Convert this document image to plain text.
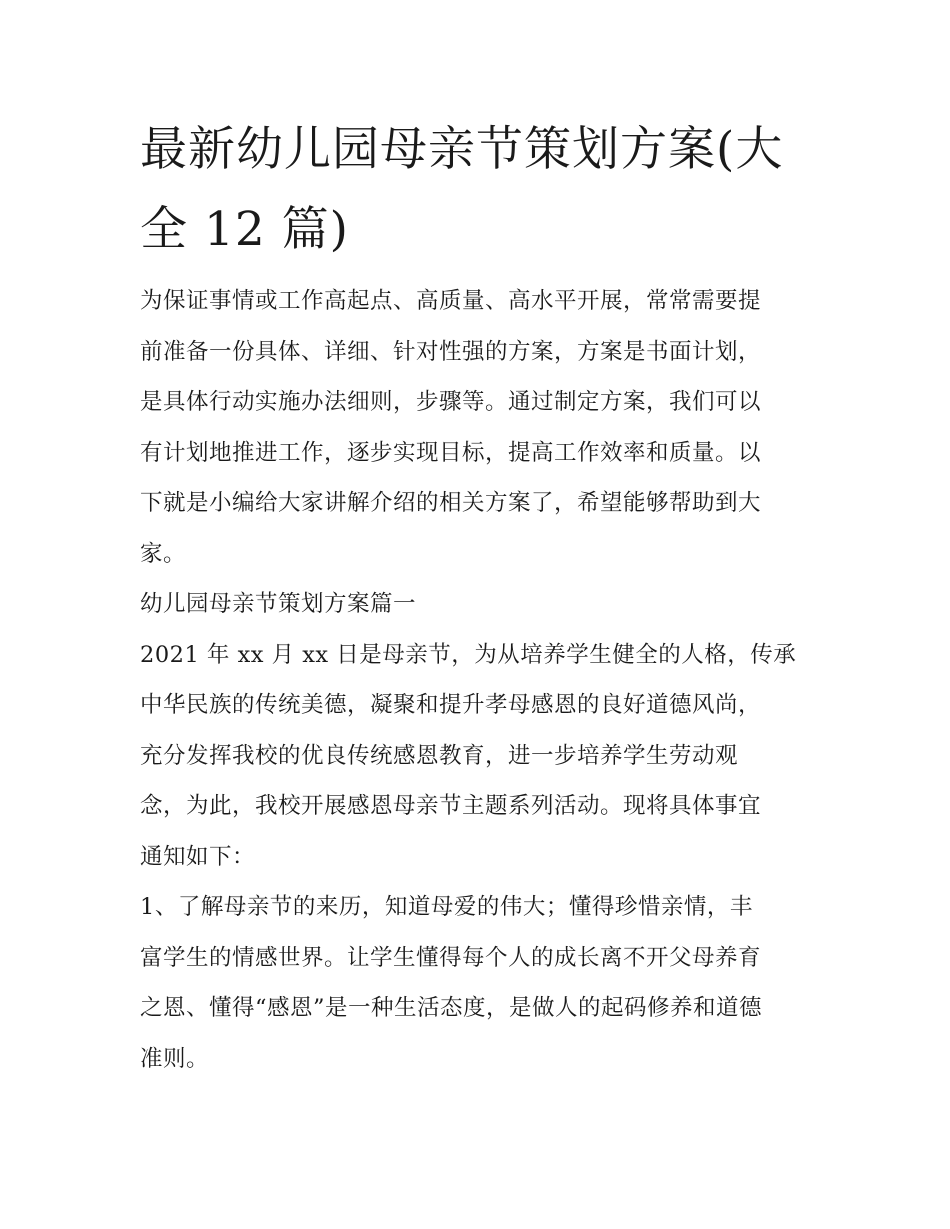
最新幼儿园母亲节策划方案(大
全 12 篇)

为保证事情或工作高起点、高质量、高水平开展，常常需要提
前准备一份具体、详细、针对性强的方案，方案是书面计划，
是具体行动实施办法细则，步骤等。通过制定方案，我们可以
有计划地推进工作，逐步实现目标，提高工作效率和质量。以
下就是小编给大家讲解介绍的相关方案了，希望能够帮助到大
家。

幼儿园母亲节策划方案篇一

2021 年 xx 月 xx 日是母亲节，为从培养学生健全的人格，传承
中华民族的传统美德，凝聚和提升孝母感恩的良好道德风尚，
充分发挥我校的优良传统感恩教育，进一步培养学生劳动观
念，为此，我校开展感恩母亲节主题系列活动。现将具体事宜
通知如下：

1、了解母亲节的来历，知道母爱的伟大；懂得珍惜亲情，丰
富学生的情感世界。让学生懂得每个人的成长离不开父母养育
之恩、懂得“感恩”是一种生活态度，是做人的起码修养和道德
准则。
